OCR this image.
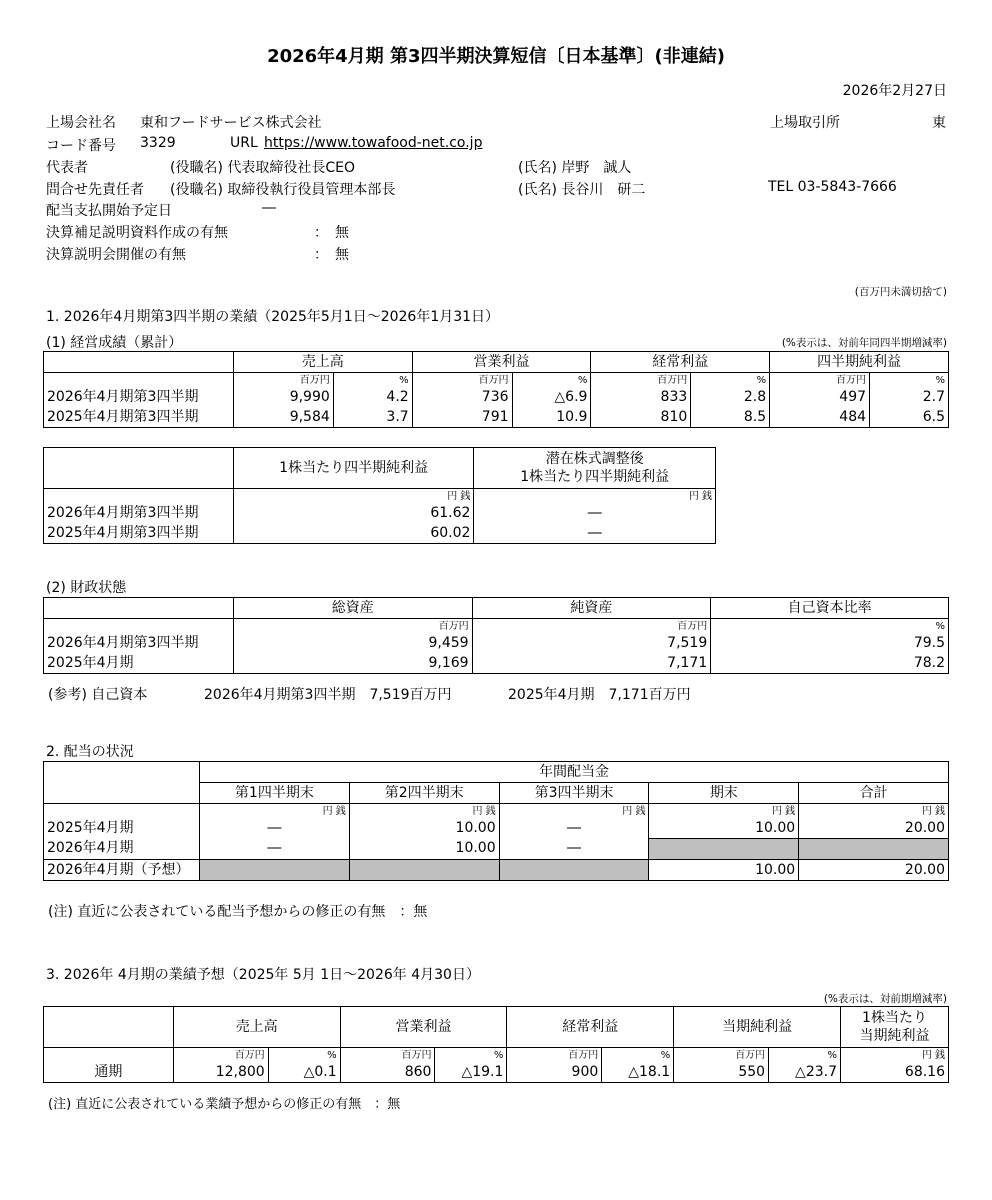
2026年4月期 第3四半期決算短信〔日本基準〕(非連結)
2026年2月27日
上場会社名 東和フードサービス株式会社	上場取引所	東
コード番号 3329	URL https://www.towafood-net.co.jp
代表者	(役職名) 代表取締役社長CEO	(氏名) 岸野　誠人
問合せ先責任者 (役職名) 取締役執行役員管理本部長	(氏名) 長谷川　研二	TEL 03-5843-7666
配当支払開始予定日	―
決算補足説明資料作成の有無	：　無
決算説明会開催の有無	：　無
(百万円未満切捨て)
1. 2026年4月期第3四半期の業績（2025年5月1日～2026年1月31日）
(1) 経営成績（累計）	(%表示は、対前年同四半期増減率)
	売上高		営業利益		経常利益		四半期純利益	
	百万円	%	百万円	%	百万円	%	百万円	%
2026年4月期第3四半期	9,990	4.2	736	△6.9	833	2.8	497	2.7
2025年4月期第3四半期	9,584	3.7	791	10.9	810	8.5	484	6.5
	1株当たり四半期純利益	潜在株式調整後
1株当たり四半期純利益

	円 銭	円 銭
2026年4月期第3四半期	61.62	―
2025年4月期第3四半期	60.02	―
(2) 財政状態
	総資産	純資産	自己資本比率
	百万円	百万円	%
2026年4月期第3四半期	9,459	7,519	79.5
2025年4月期	9,169	7,171	78.2
(参考) 自己資本	2026年4月期第3四半期　7,519百万円	2025年4月期　7,171百万円
2. 配当の状況
	年間配当金				
	第1四半期末	第2四半期末	第3四半期末	期末	合計
	円 銭	円 銭	円 銭	円 銭	円 銭
2025年4月期	―	10.00	―	10.00	20.00
2026年4月期	―	10.00	―		
2026年4月期（予想）				10.00	20.00
(注) 直近に公表されている配当予想からの修正の有無　：無
3. 2026年 4月期の業績予想（2025年 5月 1日～2026年 4月30日）
(%表示は、対前期増減率)
	売上高		営業利益		経常利益		当期純利益		1株当たり
当期純利益

	百万円	%	百万円	%	百万円	%	百万円	%	円 銭
通期	12,800	△0.1	860	△19.1	900	△18.1	550	△23.7	68.16
(注) 直近に公表されている業績予想からの修正の有無　：無
